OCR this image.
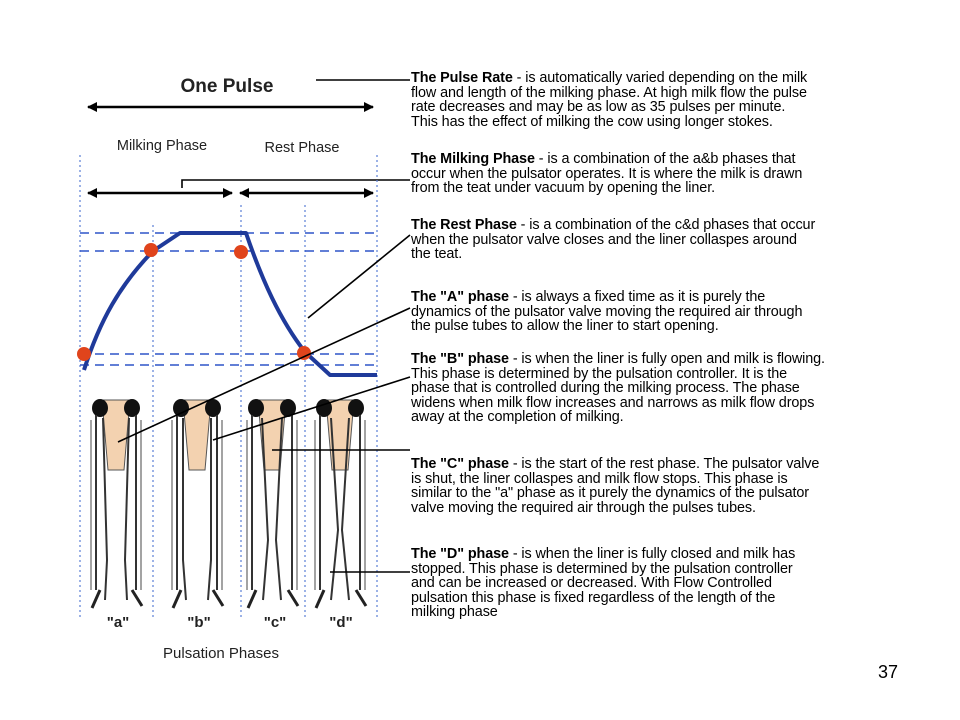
One Pulse
Milking Phase	Rest Phase
"a"	"b"	"c"	"d"
Pulsation Phases
The Pulse Rate - is automatically varied depending on the milk
flow and length of the milking phase. At high milk flow the pulse
rate decreases and may be as low as 35 pulses per minute.
This has the effect of milking the cow using longer stokes.
The Milking Phase - is a combination of the a&b phases that
occur when the pulsator operates. It is where the milk is drawn
from the teat under vacuum by opening the liner.
The Rest Phase - is a combination of the c&d phases that occur
when the pulsator valve closes and the liner collaspes around
the teat.
The "A" phase - is always a fixed time as it is purely the
dynamics of the pulsator valve moving the required air through
the pulse tubes to allow the liner to start opening.
The "B" phase - is when the liner is fully open and milk is flowing.
This phase is determined by the pulsation controller. It is the
phase that is controlled during the milking process. The phase
widens when milk flow increases and narrows as milk flow drops
away at the completion of milking.
The "C" phase - is the start of the rest phase. The pulsator valve
is shut, the liner collaspes and milk flow stops. This phase is
similar to the "a" phase as it purely the dynamics of the pulsator
valve moving the required air through the pulses tubes.
The "D" phase - is when the liner is fully closed and milk has
stopped. This phase is determined by the pulsation controller
and can be increased or decreased. With Flow Controlled
pulsation this phase is fixed regardless of the length of the
milking phase
37
